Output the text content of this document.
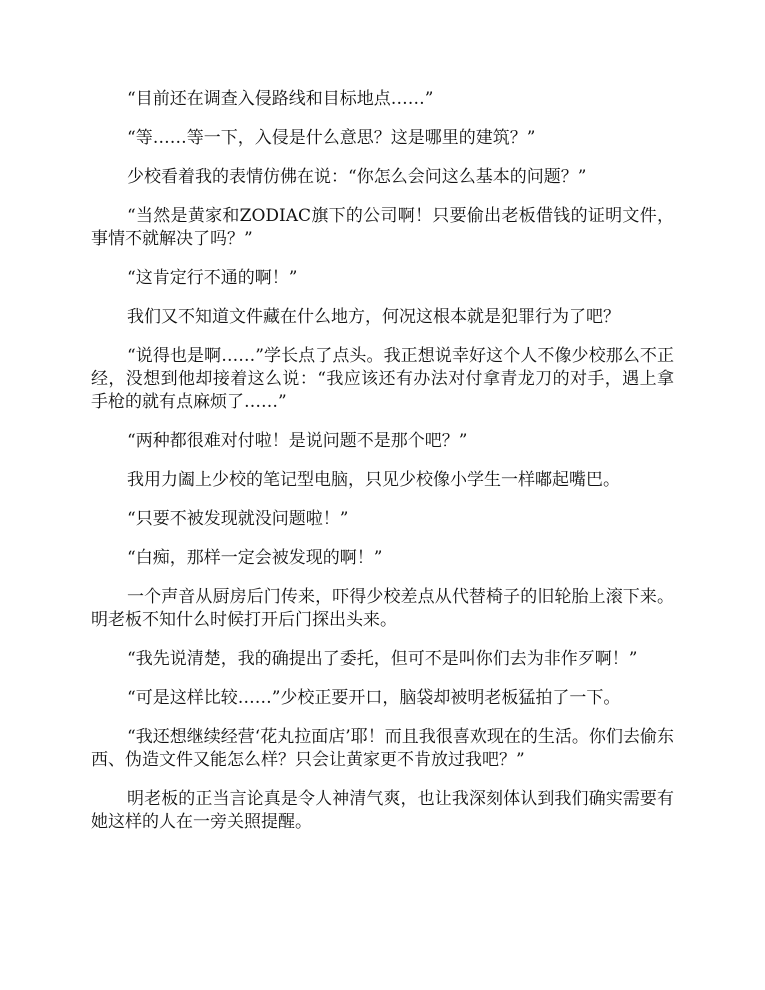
“目前还在调查入侵路线和目标地点……”

“等……等一下，入侵是什么意思？这是哪里的建筑？”

少校看着我的表情仿佛在说：“你怎么会问这么基本的问题？”

“当然是黄家和ZODIAC旗下的公司啊！只要偷出老板借钱的证明文件，事情不就解决了吗？”

“这肯定行不通的啊！”

我们又不知道文件藏在什么地方，何况这根本就是犯罪行为了吧？

“说得也是啊……”学长点了点头。我正想说幸好这个人不像少校那么不正经，没想到他却接着这么说：“我应该还有办法对付拿青龙刀的对手，遇上拿手枪的就有点麻烦了……”

“两种都很难对付啦！是说问题不是那个吧？”

我用力阖上少校的笔记型电脑，只见少校像小学生一样嘟起嘴巴。

“只要不被发现就没问题啦！”

“白痴，那样一定会被发现的啊！”

一个声音从厨房后门传来，吓得少校差点从代替椅子的旧轮胎上滚下来。明老板不知什么时候打开后门探出头来。

“我先说清楚，我的确提出了委托，但可不是叫你们去为非作歹啊！”

“可是这样比较……”少校正要开口，脑袋却被明老板猛拍了一下。

“我还想继续经营‘花丸拉面店’耶！而且我很喜欢现在的生活。你们去偷东西、伪造文件又能怎么样？只会让黄家更不肯放过我吧？”

明老板的正当言论真是令人神清气爽，也让我深刻体认到我们确实需要有她这样的人在一旁关照提醒。
